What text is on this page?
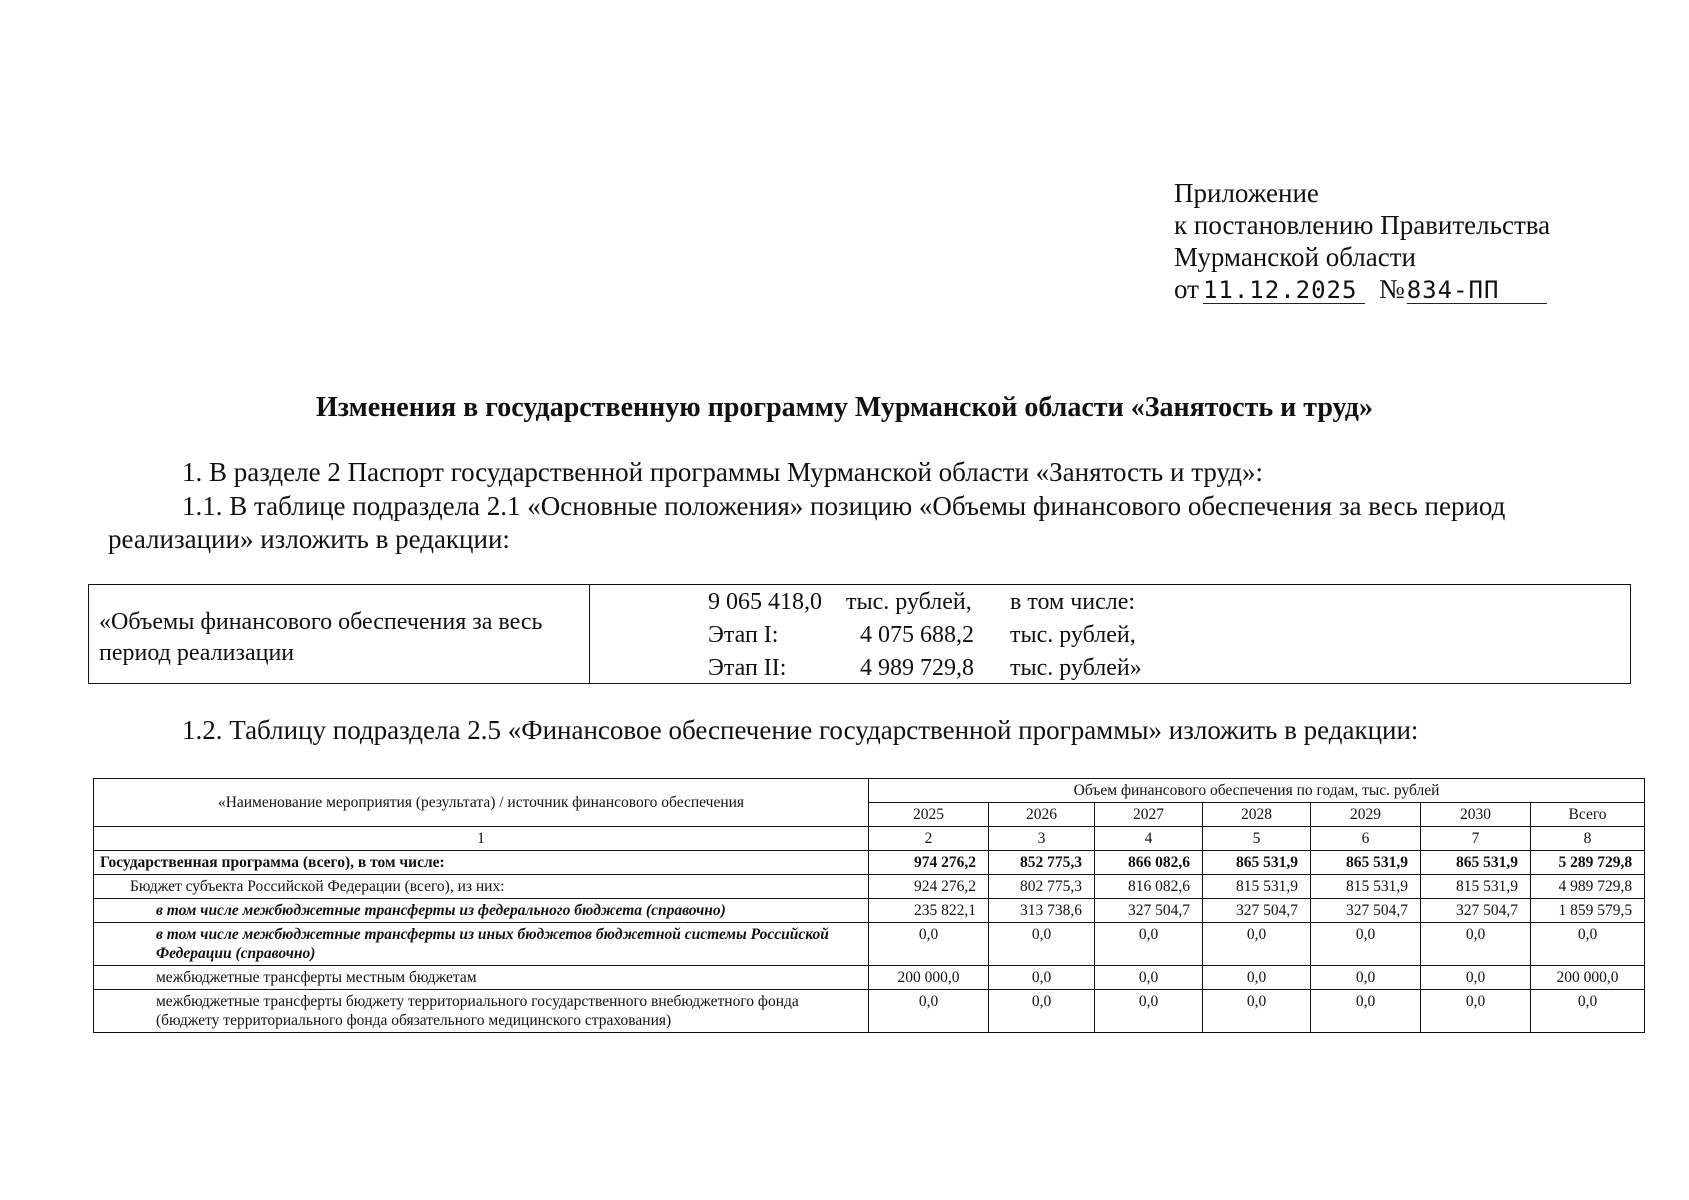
Приложение
к постановлению Правительства
Мурманской области
от 11.12.2025 №834-ПП
Изменения в государственную программу Мурманской области «Занятость и труд»
1. В разделе 2 Паспорт государственной программы Мурманской области «Занятость и труд»:
1.1. В таблице подраздела 2.1 «Основные положения» позицию «Объемы финансового обеспечения за весь период
реализации» изложить в редакции:
«Объемы финансового обеспечения за весь период реализации
9 065 418,0 тыс. рублей, в том числе:
Этап I:	4 075 688,2 тыс. рублей,
Этап II:	4 989 729,8 тыс. рублей»
1.2. Таблицу подраздела 2.5 «Финансовое обеспечение государственной программы» изложить в редакции:
«Наименование мероприятия (результата) / источник финансового обеспечения	Объем финансового обеспечения по годам, тыс. рублей						
	2025	2026	2027	2028	2029	2030	Всего
1	2	3	4	5	6	7	8
Государственная программа (всего), в том числе:	974 276,2	852 775,3	866 082,6	865 531,9	865 531,9	865 531,9	5 289 729,8
Бюджет субъекта Российской Федерации (всего), из них:	924 276,2	802 775,3	816 082,6	815 531,9	815 531,9	815 531,9	4 989 729,8
в том числе межбюджетные трансферты из федерального бюджета (справочно)	235 822,1	313 738,6	327 504,7	327 504,7	327 504,7	327 504,7	1 859 579,5
в том числе межбюджетные трансферты из иных бюджетов бюджетной системы Российской Федерации (справочно)	0,0	0,0	0,0	0,0	0,0	0,0	0,0
межбюджетные трансферты местным бюджетам	200 000,0	0,0	0,0	0,0	0,0	0,0	200 000,0
межбюджетные трансферты бюджету территориального государственного внебюджетного фонда (бюджету территориального фонда обязательного медицинского страхования)	0,0	0,0	0,0	0,0	0,0	0,0	0,0
